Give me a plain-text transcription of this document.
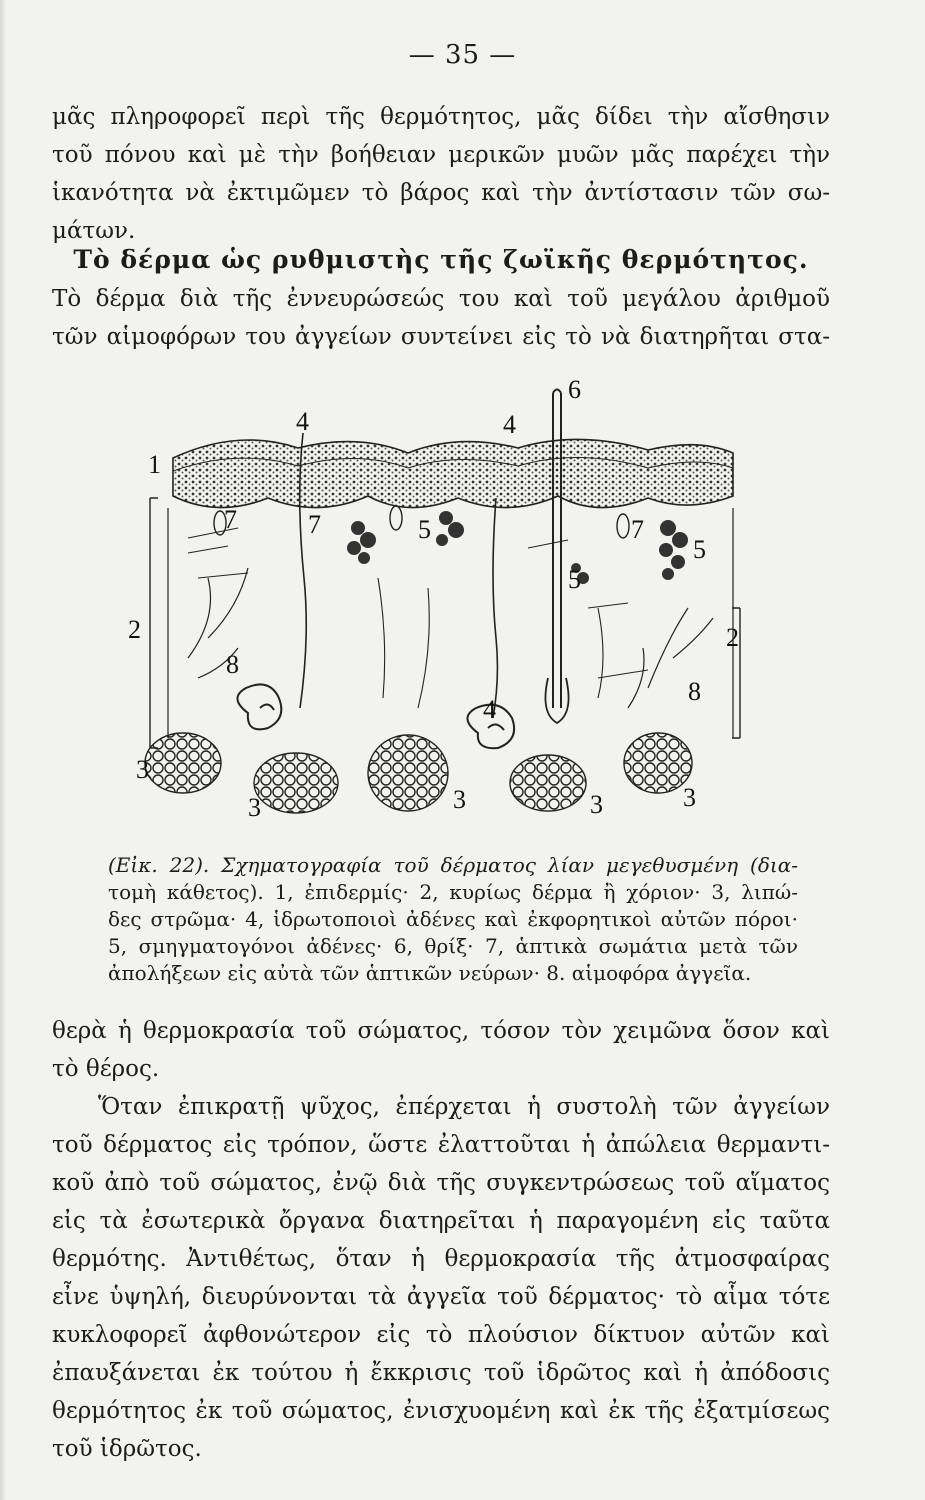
— 35 —
μᾶς πληροφορεῖ περὶ τῆς θερμότητος, μᾶς δίδει τὴν αἴσθησιν
τοῦ πόνου καὶ μὲ τὴν βοήθειαν μερικῶν μυῶν μᾶς παρέχει τὴν
ἱκανότητα νὰ ἐκτιμῶμεν τὸ βάρος καὶ τὴν ἀντίστασιν τῶν σω-
μάτων.
Τὸ δέρμα ὡς ρυθμιστὴς τῆς ζωϊκῆς θερμότητος.
Τὸ δέρμα διὰ τῆς ἐννευρώσεώς του καὶ τοῦ μεγάλου ἀριθμοῦ
τῶν αἱμοφόρων του ἀγγείων συντείνει εἰς τὸ νὰ διατηρῆται στα-
1
2	2
3
3	3	3	3
4	4
4
5
5
5
6
7	7	7
8
8
(Εἰκ. 22). Σχηματογραφία τοῦ δέρματος λίαν μεγεθυσμένη (δια-
τομὴ κάθετος). 1, ἐπιδερμίς· 2, κυρίως δέρμα ἢ χόριον· 3, λιπώ-
δες στρῶμα· 4, ἱδρωτοποιοὶ ἀδένες καὶ ἐκφορητικοὶ αὐτῶν πόροι·
5, σμηγματογόνοι ἀδένες· 6, θρίξ· 7, ἁπτικὰ σωμάτια μετὰ τῶν
ἀπολήξεων εἰς αὐτὰ τῶν ἁπτικῶν νεύρων· 8. αἱμοφόρα ἀγγεῖα.
θερὰ ἡ θερμοκρασία τοῦ σώματος, τόσον τὸν χειμῶνα ὅσον καὶ
τὸ θέρος.
Ὅταν ἐπικρατῇ ψῦχος, ἐπέρχεται ἡ συστολὴ τῶν ἀγγείων
τοῦ δέρματος εἰς τρόπον, ὥστε ἐλαττοῦται ἡ ἀπώλεια θερμαντι-
κοῦ ἀπὸ τοῦ σώματος, ἐνῷ διὰ τῆς συγκεντρώσεως τοῦ αἵματος
εἰς τὰ ἐσωτερικὰ ὄργανα διατηρεῖται ἡ παραγομένη εἰς ταῦτα
θερμότης. Ἀντιθέτως, ὅταν ἡ θερμοκρασία τῆς ἀτμοσφαίρας
εἶνε ὑψηλή, διευρύνονται τὰ ἀγγεῖα τοῦ δέρματος· τὸ αἷμα τότε
κυκλοφορεῖ ἀφθονώτερον εἰς τὸ πλούσιον δίκτυον αὐτῶν καὶ
ἐπαυξάνεται ἐκ τούτου ἡ ἔκκρισις τοῦ ἱδρῶτος καὶ ἡ ἀπόδοσις
θερμότητος ἐκ τοῦ σώματος, ἐνισχυομένη καὶ ἐκ τῆς ἐξατμίσεως
τοῦ ἱδρῶτος.
